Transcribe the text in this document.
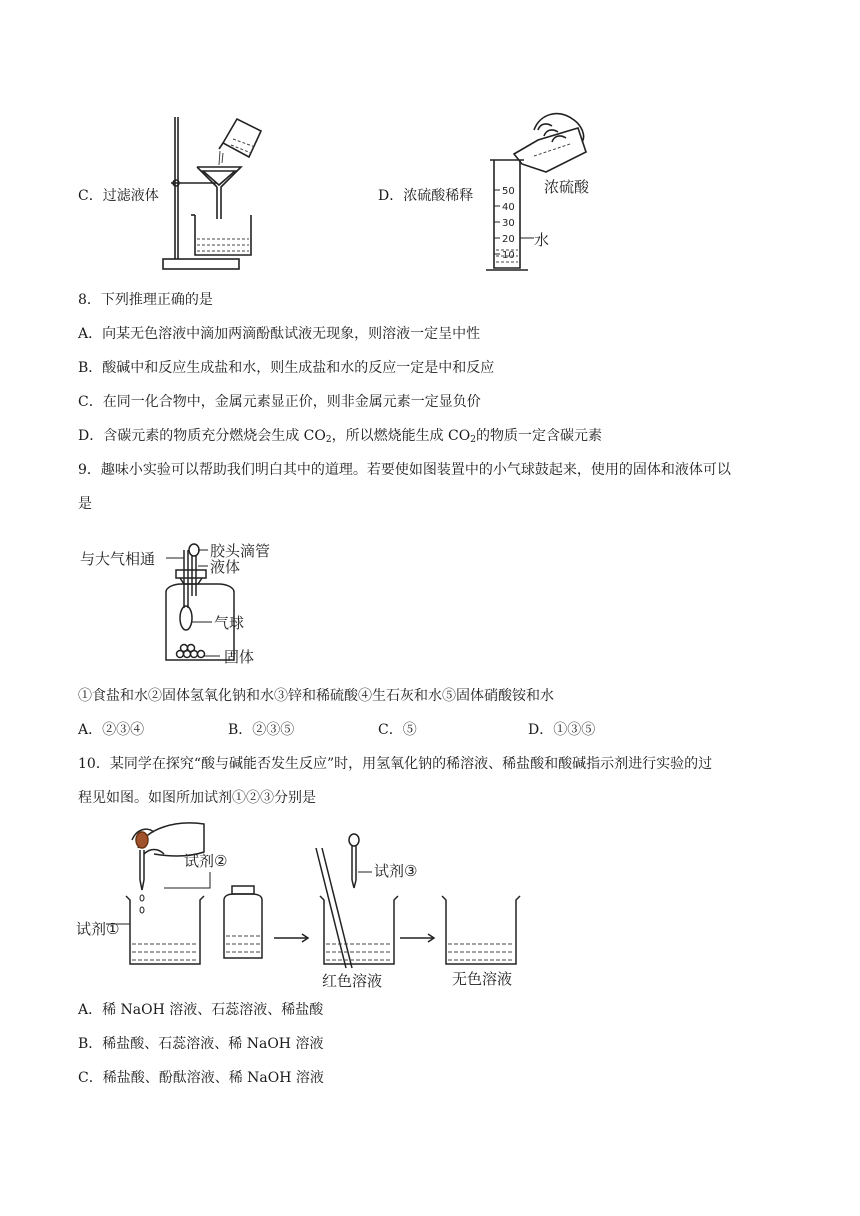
C．过滤液体	D．浓硫酸稀释	浓硫酸
水
50
40
30
20
10
8．下列推理正确的是
A．向某无色溶液中滴加两滴酚酞试液无现象，则溶液一定呈中性
B．酸碱中和反应生成盐和水，则生成盐和水的反应一定是中和反应
C．在同一化合物中，金属元素显正价，则非金属元素一定显负价
D．含碳元素的物质充分燃烧会生成 $CO_2$，所以燃烧能生成 $CO_2$的物质一定含碳元素
9．趣味小实验可以帮助我们明白其中的道理。若要使如图装置中的小气球鼓起来，使用的固体和液体可以
是
与大气相通	胶头滴管
液体
气球
固体
①食盐和水②固体氢氧化钠和水③锌和稀硫酸④生石灰和水⑤固体硝酸铵和水
A．②③④	B．②③⑤	C．⑤	D．①③⑤
10．某同学在探究“酸与碱能否发生反应”时，用氢氧化钠的稀溶液、稀盐酸和酸碱指示剂进行实验的过
程见如图。如图所加试剂①②③分别是
试剂②
试剂①
试剂③
红色溶液	无色溶液
A．稀 NaOH 溶液、石蕊溶液、稀盐酸
B．稀盐酸、石蕊溶液、稀 NaOH 溶液
C．稀盐酸、酚酞溶液、稀 NaOH 溶液
